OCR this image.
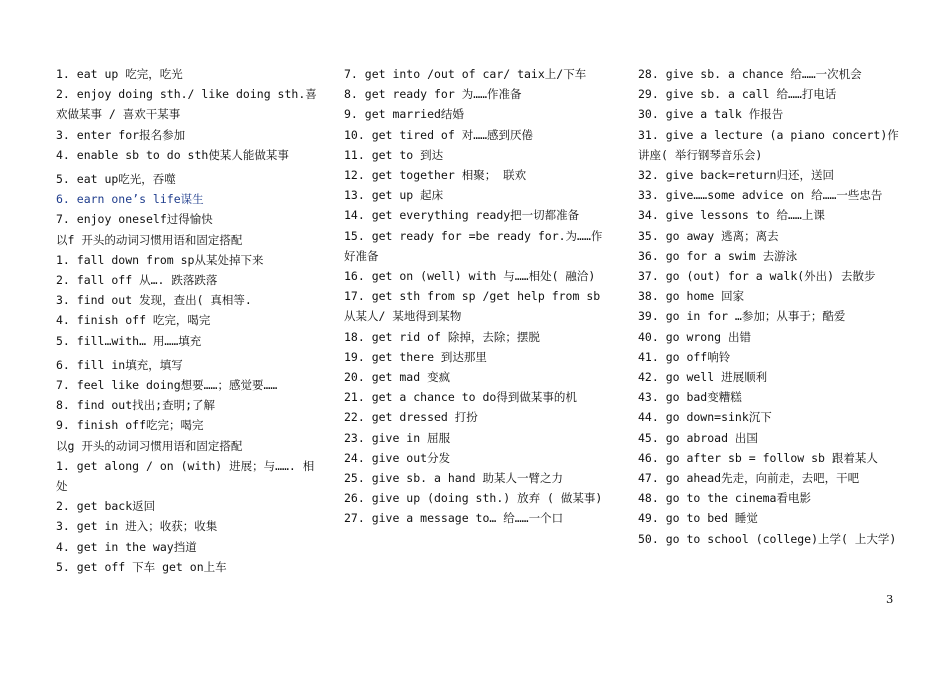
1. eat up 吃完，吃光
2. enjoy doing sth./ like doing sth.喜欢做某事 / 喜欢干某事
3. enter for报名参加
4. enable sb to do sth使某人能做某事
5. eat up吃光，吞噬
6. earn one’s life谋生
7. enjoy oneself过得愉快
以f 开头的动词习惯用语和固定搭配
1. fall down from sp从某处掉下来
2. fall off 从…. 跌落跌落
3. find out 发现，查出( 真相等.
4. finish off 吃完，喝完
5. fill…with… 用……填充
6. fill in填充，填写
7. feel like doing想要……；感觉要……
8. find out找出;查明;了解
9. finish off吃完；喝完
以g 开头的动词习惯用语和固定搭配
1. get along / on (with) 进展；与……. 相处
2. get back返回
3. get in 进入；收获；收集
4. get in the way挡道
5. get off 下车 get on上车
7. get into /out of car/ taix上/下车
8. get ready for 为……作准备
9. get married结婚
10. get tired of 对……感到厌倦
11. get to 到达
12. get together 相聚； 联欢
13. get up 起床
14. get everything ready把一切都准备
15. get ready for =be ready for.为……作好准备
16. get on (well) with 与……相处( 融洽)
17. get sth from sp /get help from sb 从某人/ 某地得到某物
18. get rid of 除掉，去除；摆脱
19. get there 到达那里
20. get mad 变疯
21. get a chance to do得到做某事的机
22. get dressed 打扮
23. give in 屈服
24. give out分发
25. give sb. a hand 助某人一臂之力
26. give up (doing sth.) 放弃 ( 做某事)
27. give a message to… 给……一个口
28. give sb. a chance 给……一次机会
29. give sb. a call 给……打电话
30. give a talk 作报告
31. give a lecture (a piano concert)作讲座( 举行钢琴音乐会)
32. give back=return归还，送回
33. give……some advice on 给……一些忠告
34. give lessons to 给……上课
35. go away 逃离；离去
36. go for a swim 去游泳
37. go (out) for a walk(外出) 去散步
38. go home 回家
39. go in for …参加；从事于；酷爱
40. go wrong 出错
41. go off响铃
42. go well 进展顺利
43. go bad变糟糕
44. go down=sink沉下
45. go abroad 出国
46. go after sb = follow sb 跟着某人
47. go ahead先走，向前走，去吧，干吧
48. go to the cinema看电影
49. go to bed 睡觉
50. go to school (college)上学( 上大学)
3
